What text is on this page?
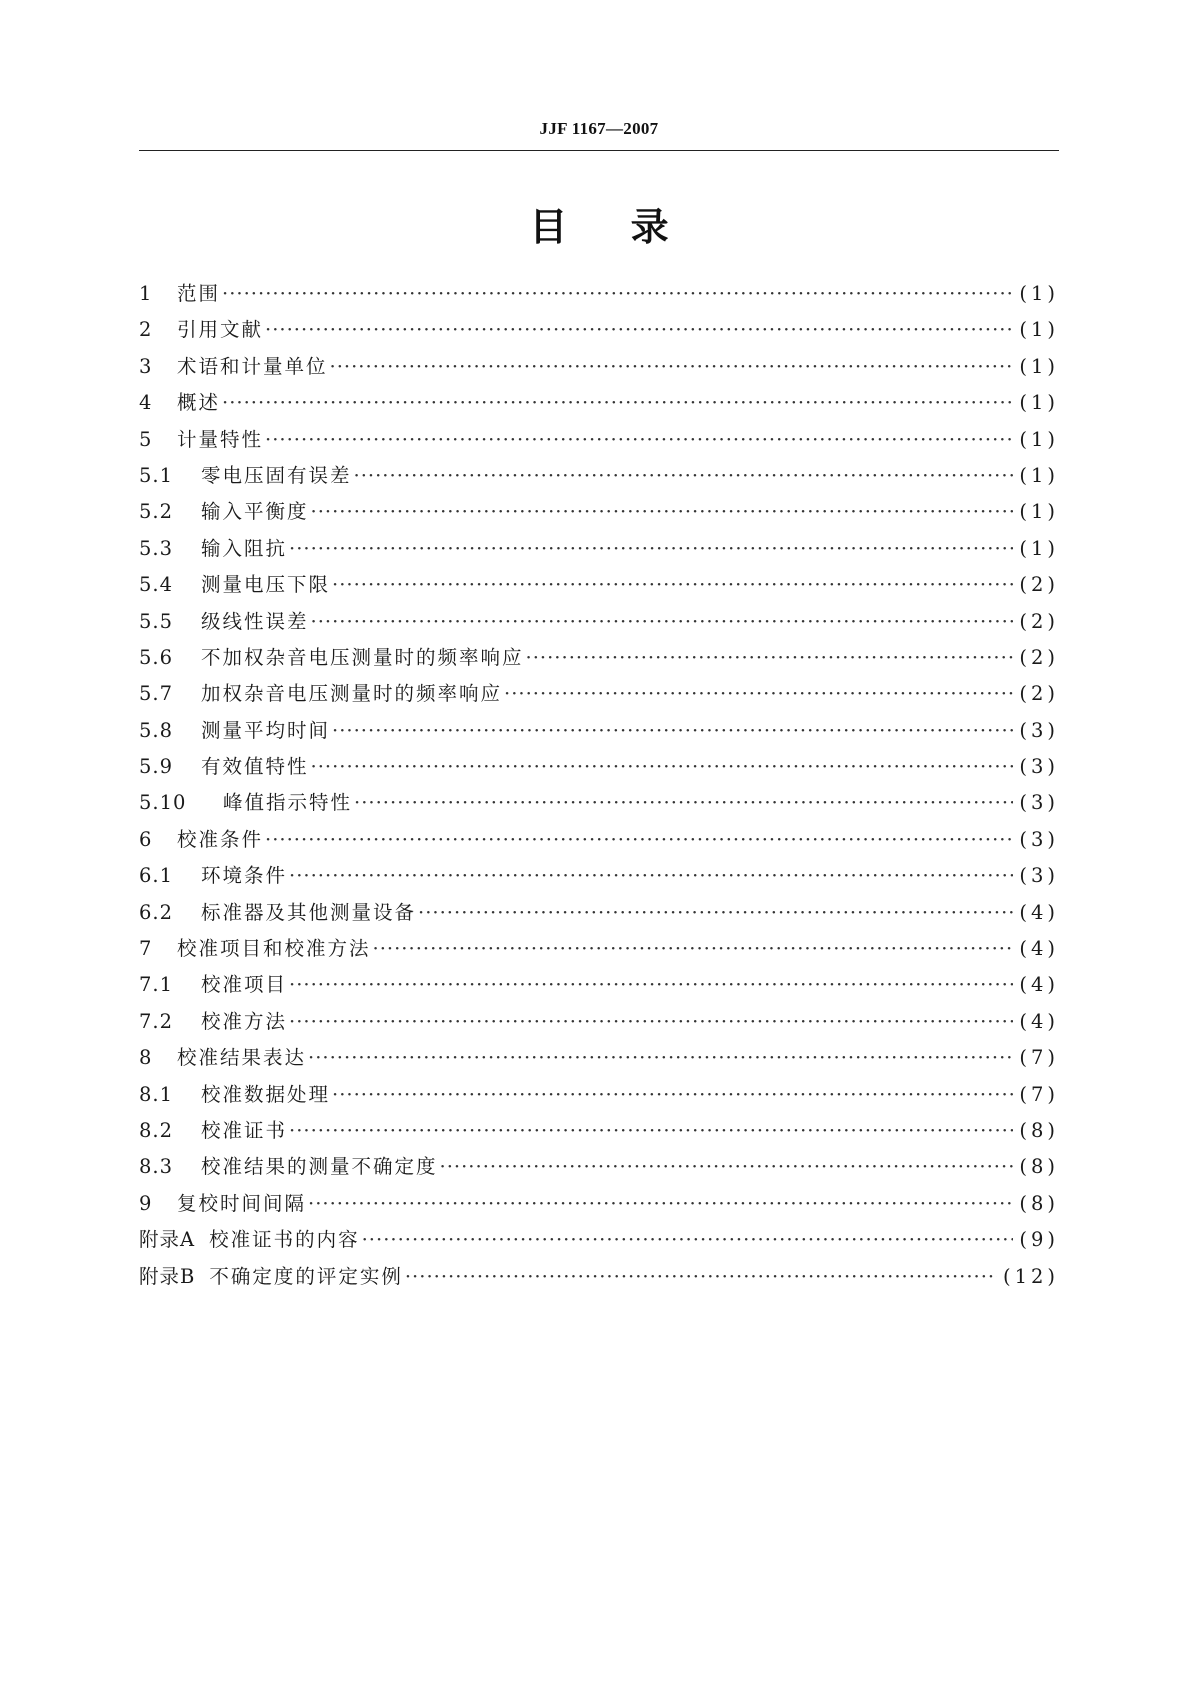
JJF 1167—2007
目 录
1	范围 ·····	(1)
2	引用文献 ·····	(1)
3	术语和计量单位 ·····	(1)
4	概述 ·····	(1)
5	计量特性 ·····	(1)
5.1	零电压固有误差 ·····	(1)
5.2	输入平衡度 ·····	(1)
5.3	输入阻抗 ·····	(1)
5.4	测量电压下限 ·····	(2)
5.5	级线性误差 ·····	(2)
5.6	不加权杂音电压测量时的频率响应 ·····	(2)
5.7	加权杂音电压测量时的频率响应 ·····	(2)
5.8	测量平均时间 ·····	(3)
5.9	有效值特性 ·····	(3)
5.10	峰值指示特性 ·····	(3)
6	校准条件 ·····	(3)
6.1	环境条件 ·····	(3)
6.2	标准器及其他测量设备 ·····	(4)
7	校准项目和校准方法 ·····	(4)
7.1	校准项目 ·····	(4)
7.2	校准方法 ·····	(4)
8	校准结果表达 ·····	(7)
8.1	校准数据处理 ·····	(7)
8.2	校准证书 ·····	(8)
8.3	校准结果的测量不确定度 ·····	(8)
9	复校时间间隔 ·····	(8)
附录A 校准证书的内容 ·····	(9)
附录B 不确定度的评定实例 ·····	(12)
